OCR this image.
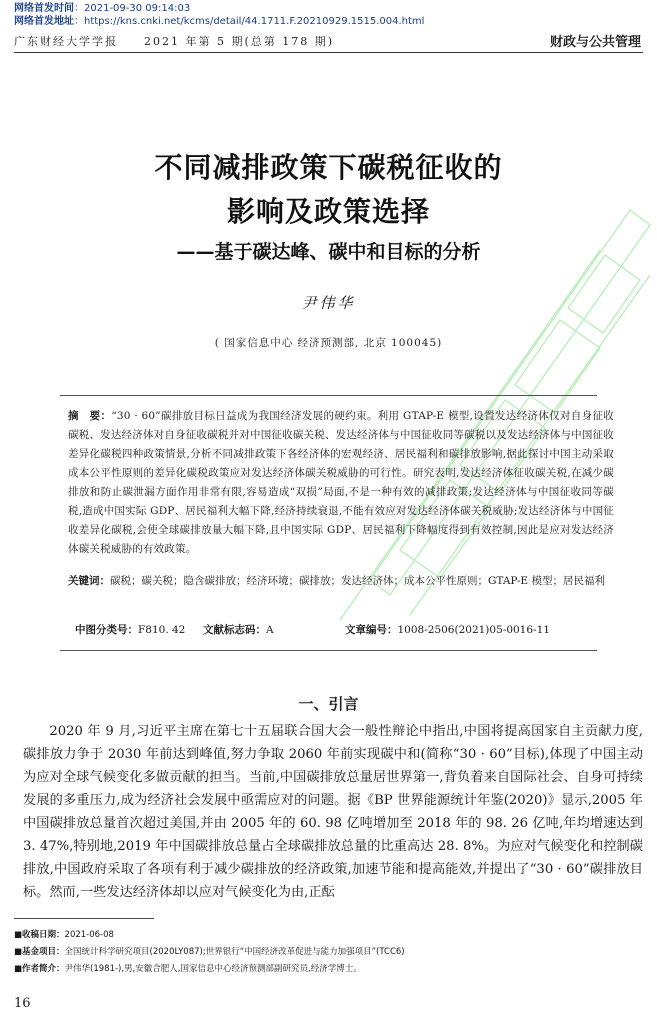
网络首发时间：2021-09-30 09:14:03
网络首发地址：https://kns.cnki.net/kcms/detail/44.1711.F.20210929.1515.004.html
广东财经大学学报　　2021 年第 5 期(总第 178 期)	财政与公共管理
不同减排政策下碳税征收的
影响及政策选择
——基于碳达峰、碳中和目标的分析
尹伟华
( 国家信息中心 经济预测部, 北京 100045)
摘　要：“30 · 60”碳排放目标日益成为我国经济发展的硬约束。利用 GTAP-E 模型,设置发达经济体仅对自身征收碳税、发达经济体对自身征收碳税并对中国征收碳关税、发达经济体与中国征收同等碳税以及发达经济体与中国征收差异化碳税四种政策情景,分析不同减排政策下各经济体的宏观经济、居民福利和碳排放影响,据此探讨中国主动采取成本公平性原则的差异化碳税政策应对发达经济体碳关税威胁的可行性。研究表明,发达经济体征收碳关税,在减少碳排放和防止碳泄漏方面作用非常有限,容易造成“双损”局面,不是一种有效的减排政策;发达经济体与中国征收同等碳税,造成中国实际 GDP、居民福利大幅下降,经济持续衰退,不能有效应对发达经济体碳关税威胁;发达经济体与中国征收差异化碳税,会使全球碳排放量大幅下降,且中国实际 GDP、居民福利下降幅度得到有效控制,因此是应对发达经济体碳关税威胁的有效政策。
关键词：碳税；碳关税；隐含碳排放；经济环境；碳排放；发达经济体；成本公平性原则；GTAP-E 模型；居民福利
中图分类号：F810. 42 文献标志码：A	文章编号：1008-2506(2021)05-0016-11
一、引言
2020 年 9 月,习近平主席在第七十五届联合国大会一般性辩论中指出,中国将提高国家自主贡献力度,碳排放力争于 2030 年前达到峰值,努力争取 2060 年前实现碳中和(简称“30 · 60”目标),体现了中国主动为应对全球气候变化多做贡献的担当。当前,中国碳排放总量居世界第一,背负着来自国际社会、自身可持续发展的多重压力,成为经济社会发展中亟需应对的问题。据《BP 世界能源统计年鉴(2020)》显示,2005 年中国碳排放总量首次超过美国,并由 2005 年的 60. 98 亿吨增加至 2018 年的 98. 26 亿吨,年均增速达到 3. 47%,特别地,2019 年中国碳排放总量占全球碳排放总量的比重高达 28. 8%。为应对气候变化和控制碳排放,中国政府采取了各项有利于减少碳排放的经济政策,加速节能和提高能效,并提出了“30 · 60”碳排放目标。然而,一些发达经济体却以应对气候变化为由,正酝
■收稿日期：2021-06-08
■基金项目：全国统计科学研究项目(2020LY087);世界银行“中国经济改革促进与能力加强项目”(TCC6)
■作者简介：尹伟华(1981-),男,安徽合肥人,国家信息中心经济预测部副研究员,经济学博士。
16
